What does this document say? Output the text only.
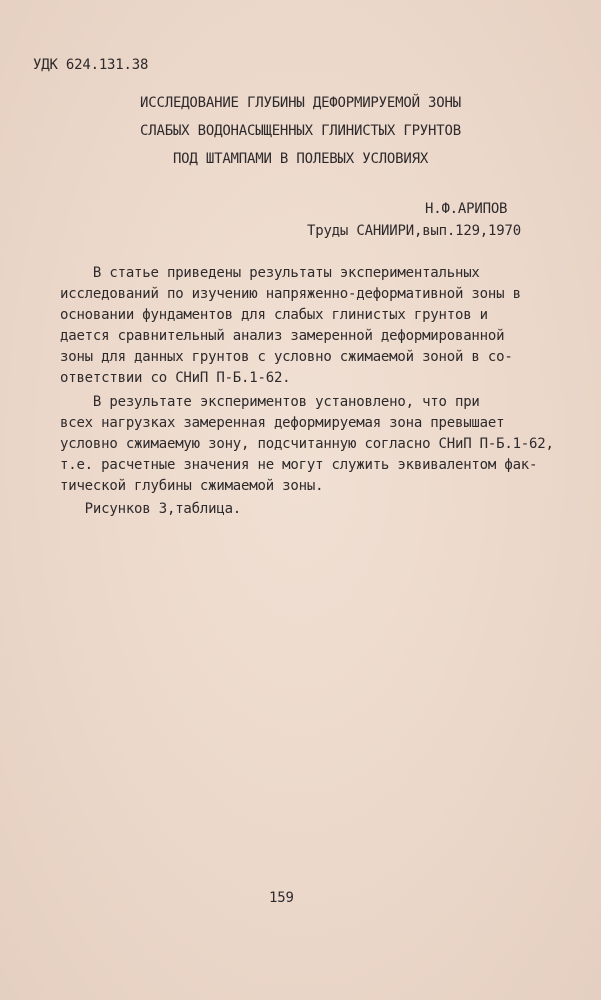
УДК 624.131.38
ИССЛЕДОВАНИЕ ГЛУБИНЫ ДЕФОРМИРУЕМОЙ ЗОНЫ
СЛАБЫХ ВОДОНАСЫЩЕННЫХ ГЛИНИСТЫХ ГРУНТОВ
ПОД ШТАМПАМИ В ПОЛЕВЫХ УСЛОВИЯХ
Н.Ф.АРИПОВ
Труды САНИИРИ,вып.129,1970
В статье приведены результаты экспериментальных
исследований по изучению напряженно-деформативной зоны в
основании фундаментов для слабых глинистых грунтов и
дается сравнительный анализ замеренной деформированной
зоны для данных грунтов с условно сжимаемой зоной в со-
ответствии со СНиП П-Б.1-62.
В результате экспериментов установлено, что при
всех нагрузках замеренная деформируемая зона превышает
условно сжимаемую зону, подсчитанную согласно СНиП П-Б.1-62,
т.е. расчетные значения не могут служить эквивалентом фак-
тической глубины сжимаемой зоны.
Рисунков 3,таблица.
159
